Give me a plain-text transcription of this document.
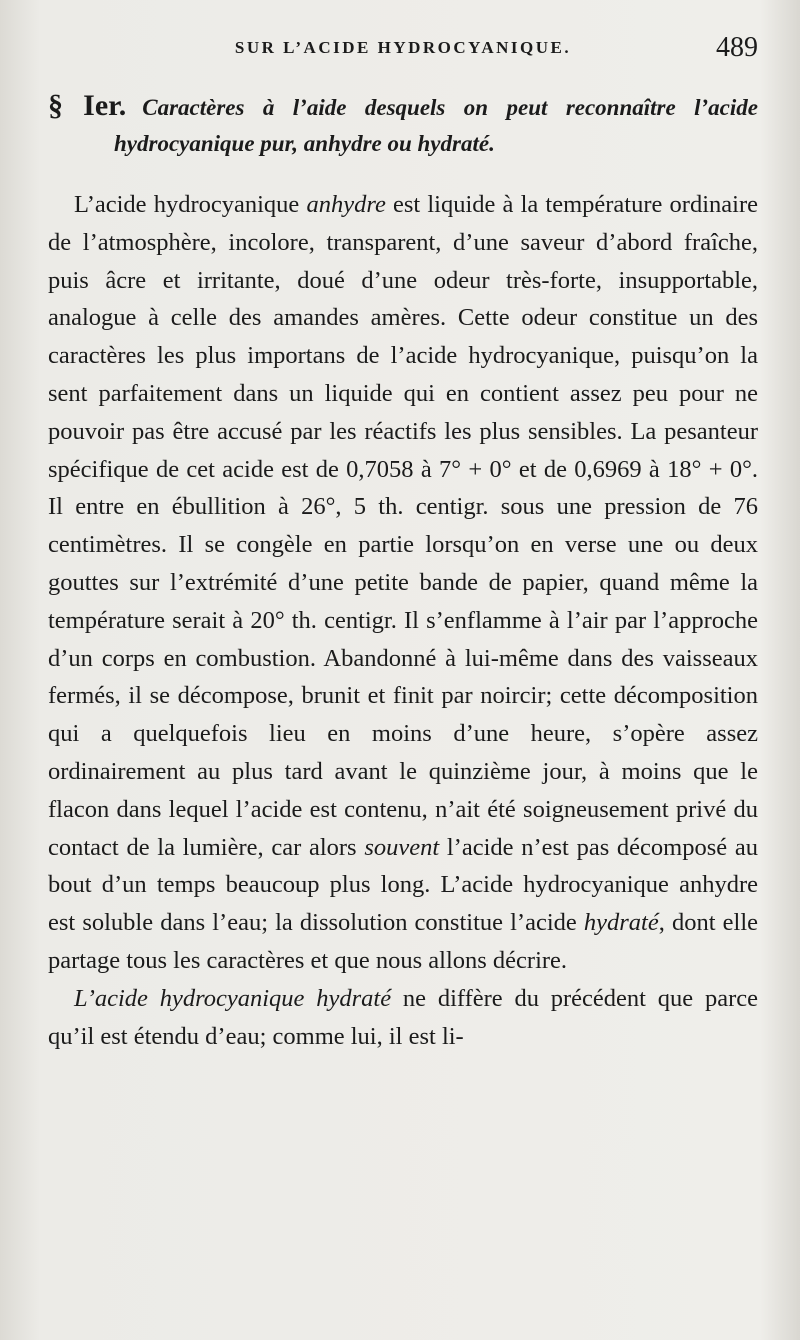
SUR L’ACIDE HYDROCYANIQUE.	489
§ Ier. Caractères à l’aide desquels on peut reconnaître l’acide hydrocyanique pur, anhydre ou hydraté.

L’acide hydrocyanique anhydre est liquide à la température ordinaire de l’atmosphère, incolore, transparent, d’une saveur d’abord fraîche, puis âcre et irritante, doué d’une odeur très-forte, insupportable, analogue à celle des amandes amères. Cette odeur constitue un des caractères les plus importans de l’acide hydrocyanique, puisqu’on la sent parfaitement dans un liquide qui en contient assez peu pour ne pouvoir pas être accusé par les réactifs les plus sensibles. La pesanteur spécifique de cet acide est de 0,7058 à 7° + 0° et de 0,6969 à 18° + 0°. Il entre en ébullition à 26°, 5 th. centigr. sous une pression de 76 centimètres. Il se congèle en partie lorsqu’on en verse une ou deux gouttes sur l’extrémité d’une petite bande de papier, quand même la température serait à 20° th. centigr. Il s’enflamme à l’air par l’approche d’un corps en combustion. Abandonné à lui-même dans des vaisseaux fermés, il se décompose, brunit et finit par noircir; cette décomposition qui a quelquefois lieu en moins d’une heure, s’opère assez ordinairement au plus tard avant le quinzième jour, à moins que le flacon dans lequel l’acide est contenu, n’ait été soigneusement privé du contact de la lumière, car alors souvent l’acide n’est pas décomposé au bout d’un temps beaucoup plus long. L’acide hydrocyanique anhydre est soluble dans l’eau; la dissolution constitue l’acide hydraté, dont elle partage tous les caractères et que nous allons décrire.

L’acide hydrocyanique hydraté ne diffère du précédent que parce qu’il est étendu d’eau; comme lui, il est li-
